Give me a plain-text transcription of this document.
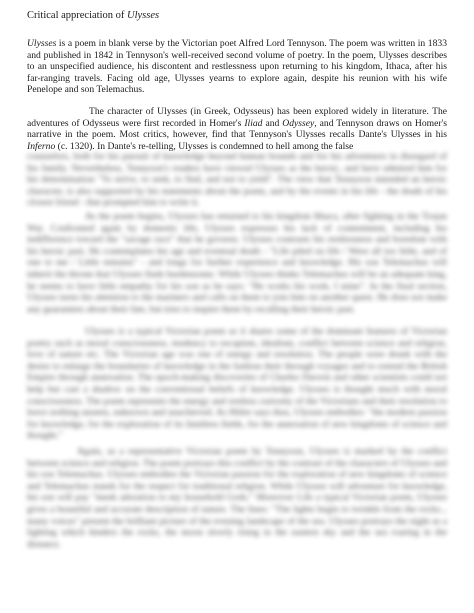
Critical appreciation of Ulysses

Ulysses is a poem in blank verse by the Victorian poet Alfred Lord Tennyson. The poem was written in 1833 and published in 1842 in Tennyson's well-received second volume of poetry. In the poem, Ulysses describes to an unspecified audience, his discontent and restlessness upon returning to his kingdom, Ithaca, after his far-ranging travels. Facing old age, Ulysses yearns to explore again, despite his reunion with his wife Penelope and son Telemachus.

The character of Ulysses (in Greek, Odysseus) has been explored widely in literature. The adventures of Odysseus were first recorded in Homer's Iliad and Odyssey, and Tennyson draws on Homer's narrative in the poem. Most critics, however, find that Tennyson's Ulysses recalls Dante's Ulysses in his Inferno (c. 1320). In Dante's re-telling, Ulysses is condemned to hell among the false

counselors, both for his pursuit of knowledge beyond human bounds and for his adventures in disregard of his family. Nevertheless, Tennyson's readers have viewed Ulysses as the heroic, and have admired him for his determination "To strive, to seek, to find, and not to yield". The view that Tennyson intended an heroic character, is also supported by his statements about the poem, and by the events in his life - the death of his closest friend - that prompted him to write it.

As the poem begins, Ulysses has returned to his kingdom Ithaca, after fighting in the Trojan War. Confronted again by domestic life, Ulysses expresses his lack of contentment, including his indifference toward the "savage race" that he governs. Ulysses contrasts his restlessness and boredom with his heroic past. He contemplates his age and eventual death - "Life piled on life / Were all too little, and of one to me / Little remains" - and longs for further experience and knowledge. His son Telemachus will inherit the throne that Ulysses finds burdensome. While Ulysses thinks Telemachus will be an adequate king, he seems to have little empathy for his son as he says: "He works his work, I mine". In the final section, Ulysses turns his attention to the mariners and calls on them to join him on another quest. He does not make any guarantees about their fate, but tries to inspire them by recalling their heroic past.

Ulysses is a typical Victorian poem as it shares some of the dominant features of Victorian poetry such as moral consciousness, tendency to escapism, idealism, conflict between science and religion, love of nature etc. The Victorian age was one of energy and resolution. The people were drunk with the desire to enlarge the boundaries of knowledge in the fashion their through voyages and to extend the British Empire through annexation. The epoch-making discoveries of Charles Darwin and other scientists could not help but cast a shadow on the conventional beliefs of knowledge. Ulysses is thought much with moral consciousness. The poem represents the energy and restless curiosity of the Victorians and their resolution to leave nothing unseen, unknown and unachieved. As Hitler says thus, Ulysses embodies: "the modern passion for knowledge, for the exploration of its limitless fields, for the annexation of new kingdoms of science and thought."

Again, as a representative Victorian poem by Tennyson, Ulysses is marked by the conflict between science and religion. The poem portrays this conflict by the contrast of the characters of Ulysses and his son Telemachus. Ulysses embodies the Victorian passion for the exploration of new kingdoms of science and Telemachus stands for the respect for traditional religion. While Ulysses will adventure for knowledge, his son will pay "meek adoration to my household Gods." Moreover Life a typical Victorian poem, Ulysses gives a beautiful and accurate description of nature. The lines: "The lights begin to twinkle from the rocks... many voices" present the brilliant picture of the evening landscape of the sea. Ulysses portrays the night as a lighting which hinders the rocks, the moon slowly rising in the eastern sky and the sea roaring in the distance.
